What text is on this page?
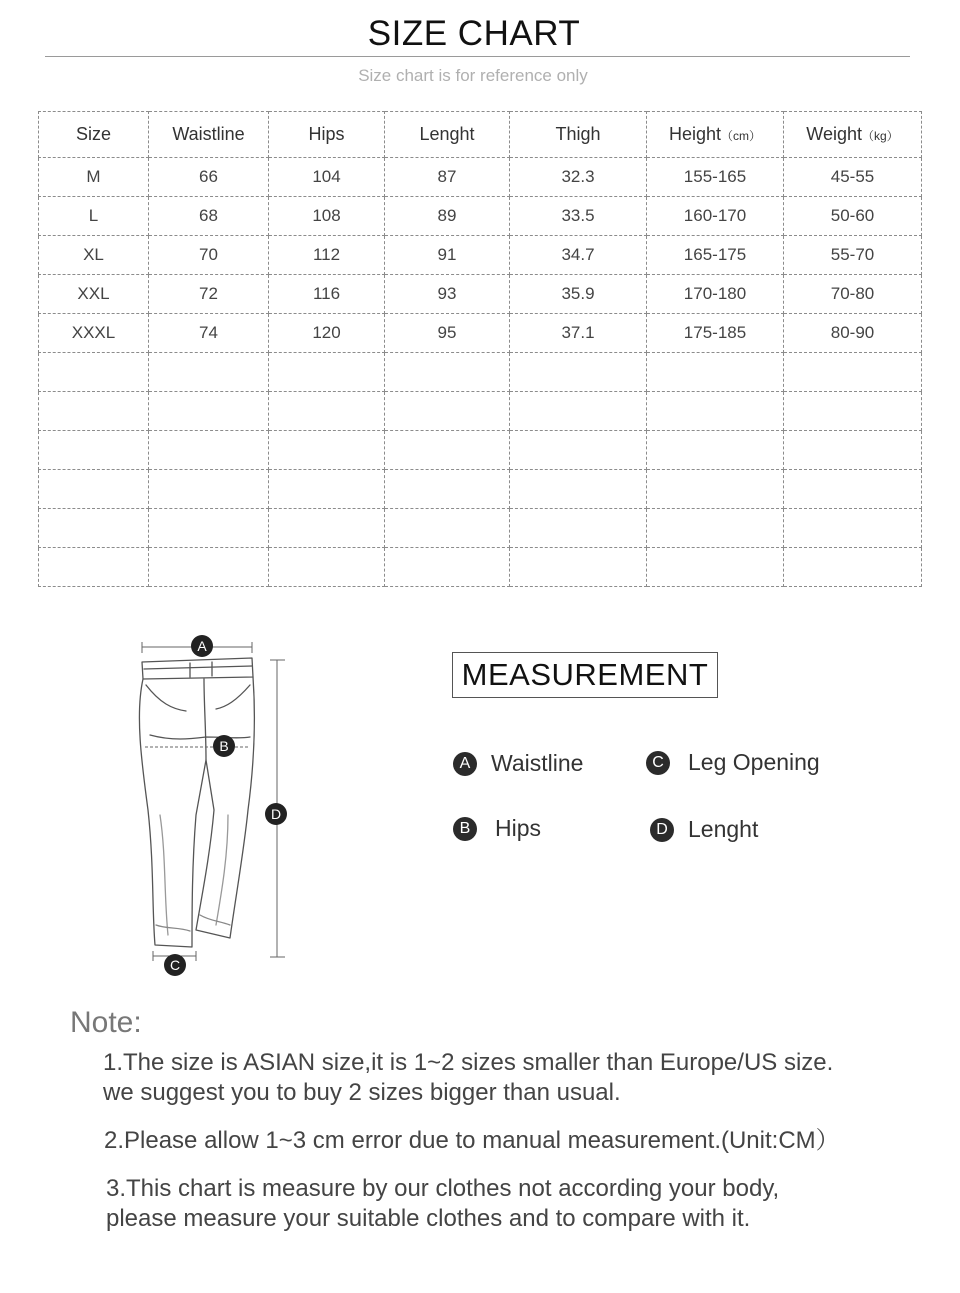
SIZE CHART
Size chart is for reference only
Size	Waistline	Hips	Lenght	Thigh	Height（cm）	Weight（kg）
M	66	104	87	32.3	155-165	45-55
L	68	108	89	33.5	160-170	50-60
XL	70	112	91	34.7	165-175	55-70
XXL	72	116	93	35.9	170-180	70-80
XXXL	74	120	95	37.1	175-185	80-90

A
B
C
D
MEASUREMENT
A Waistline
B Hips
C Leg Opening
D Lenght
Note:
1.The size is ASIAN size,it is 1~2 sizes smaller than Europe/US size.
we suggest you to buy 2 sizes bigger than usual.
2.Please allow 1~3 cm error due to manual measurement.(Unit:CM）
3.This chart is measure by our clothes not according your body,
please measure your suitable clothes and to compare with it.
